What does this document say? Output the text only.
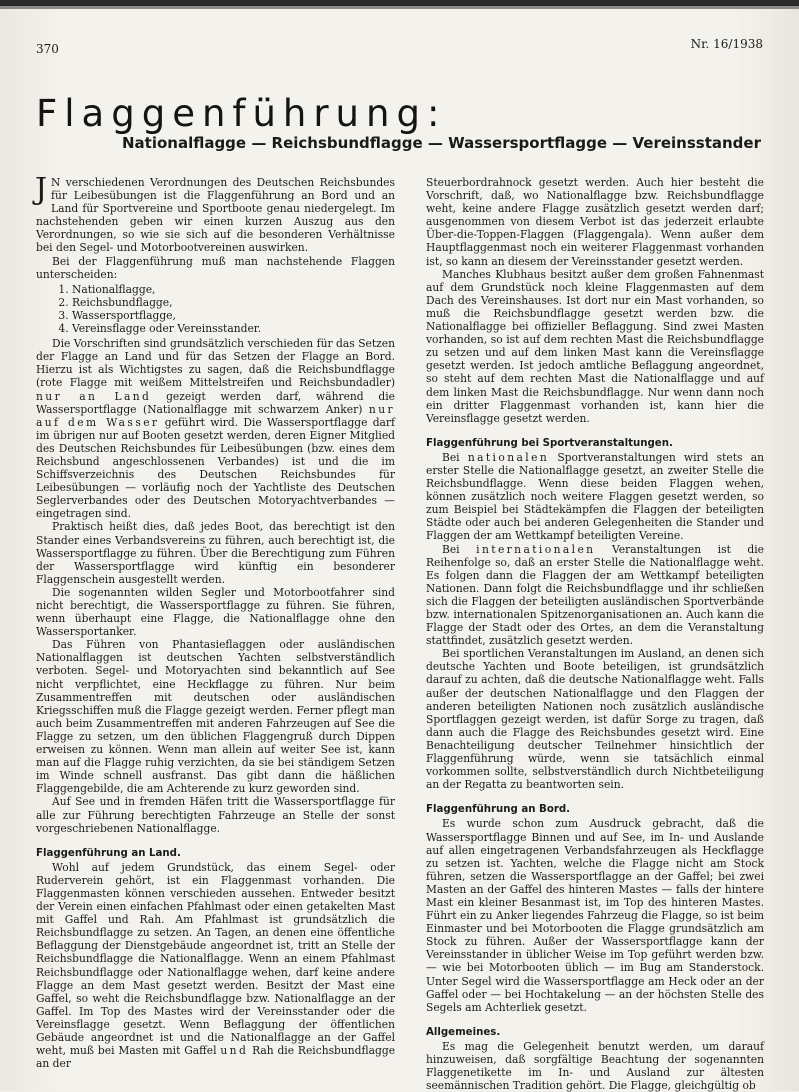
370	Nr. 16/1938
Flaggenführung:
Nationalflagge — Reichsbundflagge — Wassersportflagge — Vereinsstander

J N verschiedenen Verordnungen des Deutschen Reichsbundes für Leibesübungen ist die Flaggenführung an Bord und an Land für Sportvereine und Sportboote genau niedergelegt. Im nachstehenden geben wir einen kurzen Auszug aus den Verordnungen, so wie sie sich auf die besonderen Verhältnisse bei den Segel- und Motorbootvereinen auswirken.

Bei der Flaggenführung muß man nachstehende Flaggen unterscheiden:

1. Nationalflagge,
2. Reichsbundflagge,
3. Wassersportflagge,
4. Vereinsflagge oder Vereinsstander.

Die Vorschriften sind grundsätzlich verschieden für das Setzen der Flagge an Land und für das Setzen der Flagge an Bord. Hierzu ist als Wichtigstes zu sagen, daß die Reichsbundflagge (rote Flagge mit weißem Mittelstreifen und Reichsbundadler) nur an Land gezeigt werden darf, während die Wassersportflagge (Nationalflagge mit schwarzem Anker) nur auf dem Wasser geführt wird. Die Wassersportflagge darf im übrigen nur auf Booten gesetzt werden, deren Eigner Mitglied des Deutschen Reichsbundes für Leibesübungen (bzw. eines dem Reichsbund angeschlossenen Verbandes) ist und die im Schiffsverzeichnis des Deutschen Reichsbundes für Leibesübungen — vorläufig noch der Yachtliste des Deutschen Seglerverbandes oder des Deutschen Motoryachtverbandes — eingetragen sind.

Praktisch heißt dies, daß jedes Boot, das berechtigt ist den Stander eines Verbandsvereins zu führen, auch berechtigt ist, die Wassersportflagge zu führen. Über die Berechtigung zum Führen der Wassersportflagge wird künftig ein besonderer Flaggenschein ausgestellt werden.

Die sogenannten wilden Segler und Motorbootfahrer sind nicht berechtigt, die Wassersportflagge zu führen. Sie führen, wenn überhaupt eine Flagge, die Nationalflagge ohne den Wassersportanker.

Das Führen von Phantasieflaggen oder ausländischen Nationalflaggen ist deutschen Yachten selbstverständlich verboten. Segel- und Motoryachten sind bekanntlich auf See nicht verpflichtet, eine Heckflagge zu führen. Nur beim Zusammentreffen mit deutschen oder ausländischen Kriegsschiffen muß die Flagge gezeigt werden. Ferner pflegt man auch beim Zusammentreffen mit anderen Fahrzeugen auf See die Flagge zu setzen, um den üblichen Flaggengruß durch Dippen erweisen zu können. Wenn man allein auf weiter See ist, kann man auf die Flagge ruhig verzichten, da sie bei ständigem Setzen im Winde schnell ausfranst. Das gibt dann die häßlichen Flaggengebilde, die am Achterende zu kurz geworden sind.

Auf See und in fremden Häfen tritt die Wassersportflagge für alle zur Führung berechtigten Fahrzeuge an Stelle der sonst vorgeschriebenen Nationalflagge.

Flaggenführung an Land.

Wohl auf jedem Grundstück, das einem Segel- oder Ruderverein gehört, ist ein Flaggenmast vorhanden. Die Flaggenmasten können verschieden aussehen. Entweder besitzt der Verein einen einfachen Pfahlmast oder einen getakelten Mast mit Gaffel und Rah. Am Pfahlmast ist grundsätzlich die Reichsbundflagge zu setzen. An Tagen, an denen eine öffentliche Beflaggung der Dienstgebäude angeordnet ist, tritt an Stelle der Reichsbundflagge die Nationalflagge. Wenn an einem Pfahlmast Reichsbundflagge oder Nationalflagge wehen, darf keine andere Flagge an dem Mast gesetzt werden. Besitzt der Mast eine Gaffel, so weht die Reichsbundflagge bzw. Nationalflagge an der Gaffel. Im Top des Mastes wird der Vereinsstander oder die Vereinsflagge gesetzt. Wenn Beflaggung der öffentlichen Gebäude angeordnet ist und die Nationalflagge an der Gaffel weht, muß bei Masten mit Gaffel und Rah die Reichsbundflagge an der

Steuerbordrahnock gesetzt werden. Auch hier besteht die Vorschrift, daß, wo Nationalflagge bzw. Reichsbundflagge weht, keine andere Flagge zusätzlich gesetzt werden darf; ausgenommen von diesem Verbot ist das jederzeit erlaubte Über-die-Toppen-Flaggen (Flaggengala). Wenn außer dem Hauptflaggenmast noch ein weiterer Flaggenmast vorhanden ist, so kann an diesem der Vereinsstander gesetzt werden.

Manches Klubhaus besitzt außer dem großen Fahnenmast auf dem Grundstück noch kleine Flaggenmasten auf dem Dach des Vereinshauses. Ist dort nur ein Mast vorhanden, so muß die Reichsbundflagge gesetzt werden bzw. die Nationalflagge bei offizieller Beflaggung. Sind zwei Masten vorhanden, so ist auf dem rechten Mast die Reichsbundflagge zu setzen und auf dem linken Mast kann die Vereinsflagge gesetzt werden. Ist jedoch amtliche Beflaggung angeordnet, so steht auf dem rechten Mast die Nationalflagge und auf dem linken Mast die Reichsbundflagge. Nur wenn dann noch ein dritter Flaggenmast vorhanden ist, kann hier die Vereinsflagge gesetzt werden.

Flaggenführung bei Sportveranstaltungen.

Bei nationalen Sportveranstaltungen wird stets an erster Stelle die Nationalflagge gesetzt, an zweiter Stelle die Reichsbundflagge. Wenn diese beiden Flaggen wehen, können zusätzlich noch weitere Flaggen gesetzt werden, so zum Beispiel bei Städtekämpfen die Flaggen der beteiligten Städte oder auch bei anderen Gelegenheiten die Stander und Flaggen der am Wettkampf beteiligten Vereine.

Bei internationalen Veranstaltungen ist die Reihenfolge so, daß an erster Stelle die Nationalflagge weht. Es folgen dann die Flaggen der am Wettkampf beteiligten Nationen. Dann folgt die Reichsbundflagge und ihr schließen sich die Flaggen der beteiligten ausländischen Sportverbände bzw. internationalen Spitzenorganisationen an. Auch kann die Flagge der Stadt oder des Ortes, an dem die Veranstaltung stattfindet, zusätzlich gesetzt werden.

Bei sportlichen Veranstaltungen im Ausland, an denen sich deutsche Yachten und Boote beteiligen, ist grundsätzlich darauf zu achten, daß die deutsche Nationalflagge weht. Falls außer der deutschen Nationalflagge und den Flaggen der anderen beteiligten Nationen noch zusätzlich ausländische Sportflaggen gezeigt werden, ist dafür Sorge zu tragen, daß dann auch die Flagge des Reichsbundes gesetzt wird. Eine Benachteiligung deutscher Teilnehmer hinsichtlich der Flaggenführung würde, wenn sie tatsächlich einmal vorkommen sollte, selbstverständlich durch Nichtbeteiligung an der Regatta zu beantworten sein.

Flaggenführung an Bord.

Es wurde schon zum Ausdruck gebracht, daß die Wassersportflagge Binnen und auf See, im In- und Auslande auf allen eingetragenen Verbandsfahrzeugen als Heckflagge zu setzen ist. Yachten, welche die Flagge nicht am Stock führen, setzen die Wassersportflagge an der Gaffel; bei zwei Masten an der Gaffel des hinteren Mastes — falls der hintere Mast ein kleiner Besanmast ist, im Top des hinteren Mastes. Führt ein zu Anker liegendes Fahrzeug die Flagge, so ist beim Einmaster und bei Motorbooten die Flagge grundsätzlich am Stock zu führen. Außer der Wassersportflagge kann der Vereinsstander in üblicher Weise im Top geführt werden bzw. — wie bei Motorbooten üblich — im Bug am Standerstock. Unter Segel wird die Wassersportflagge am Heck oder an der Gaffel oder — bei Hochtakelung — an der höchsten Stelle des Segels am Achterliek gesetzt.

Allgemeines.

Es mag die Gelegenheit benutzt werden, um darauf hinzuweisen, daß sorgfältige Beachtung der sogenannten Flaggenetikette im In- und Ausland zur ältesten seemännischen Tradition gehört. Die Flagge, gleichgültig ob
